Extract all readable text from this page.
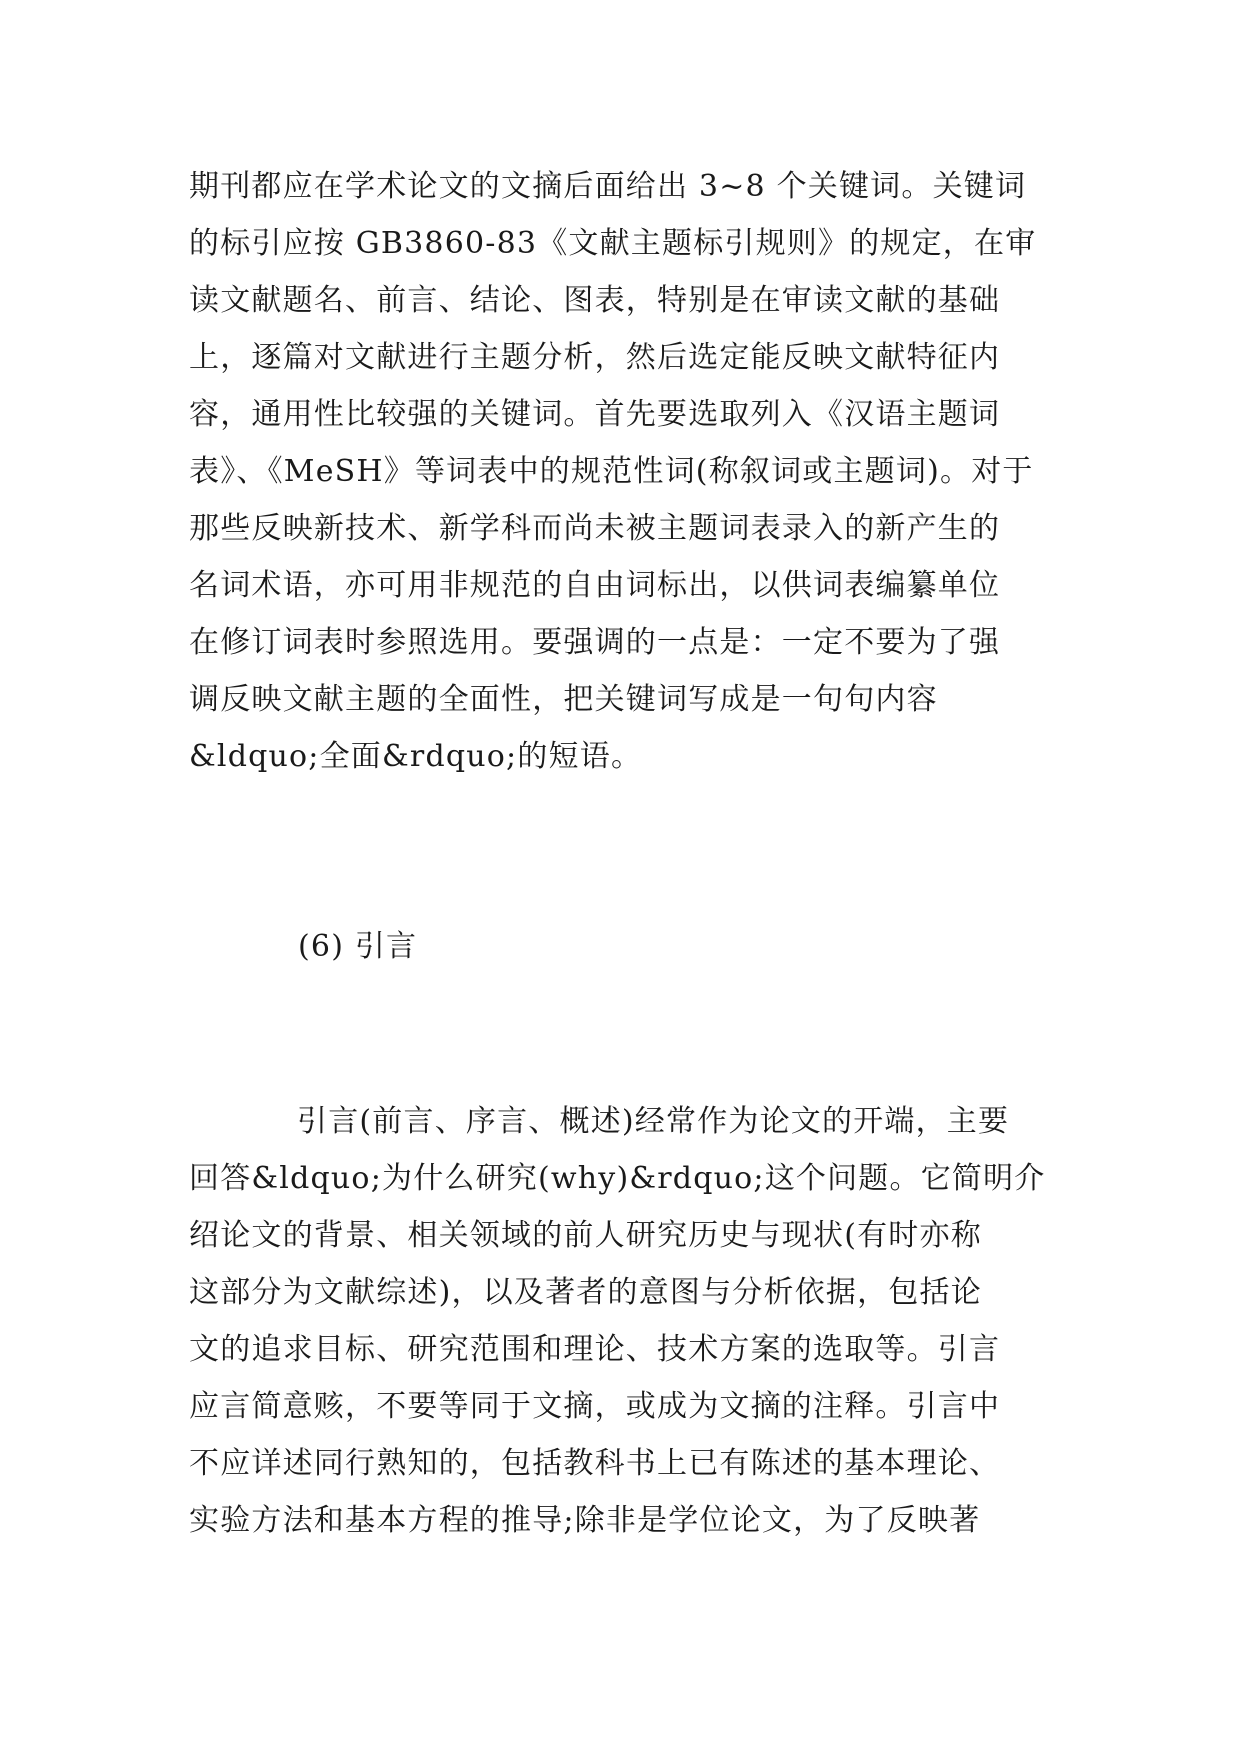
期刊都应在学术论文的文摘后面给出 3~8 个关键词。关键词
的标引应按 GB3860-83《文献主题标引规则》的规定，在审
读文献题名、前言、结论、图表，特别是在审读文献的基础
上，逐篇对文献进行主题分析，然后选定能反映文献特征内
容，通用性比较强的关键词。首先要选取列入《汉语主题词
表》、《MeSH》等词表中的规范性词(称叙词或主题词)。对于
那些反映新技术、新学科而尚未被主题词表录入的新产生的
名词术语，亦可用非规范的自由词标出，以供词表编纂单位
在修订词表时参照选用。要强调的一点是：一定不要为了强
调反映文献主题的全面性，把关键词写成是一句句内容
&ldquo;全面&rdquo;的短语。
(6) 引言
引言(前言、序言、概述)经常作为论文的开端，主要
回答&ldquo;为什么研究(why)&rdquo;这个问题。它简明介
绍论文的背景、相关领域的前人研究历史与现状(有时亦称
这部分为文献综述)，以及著者的意图与分析依据，包括论
文的追求目标、研究范围和理论、技术方案的选取等。引言
应言简意赅，不要等同于文摘，或成为文摘的注释。引言中
不应详述同行熟知的，包括教科书上已有陈述的基本理论、
实验方法和基本方程的推导;除非是学位论文，为了反映著
